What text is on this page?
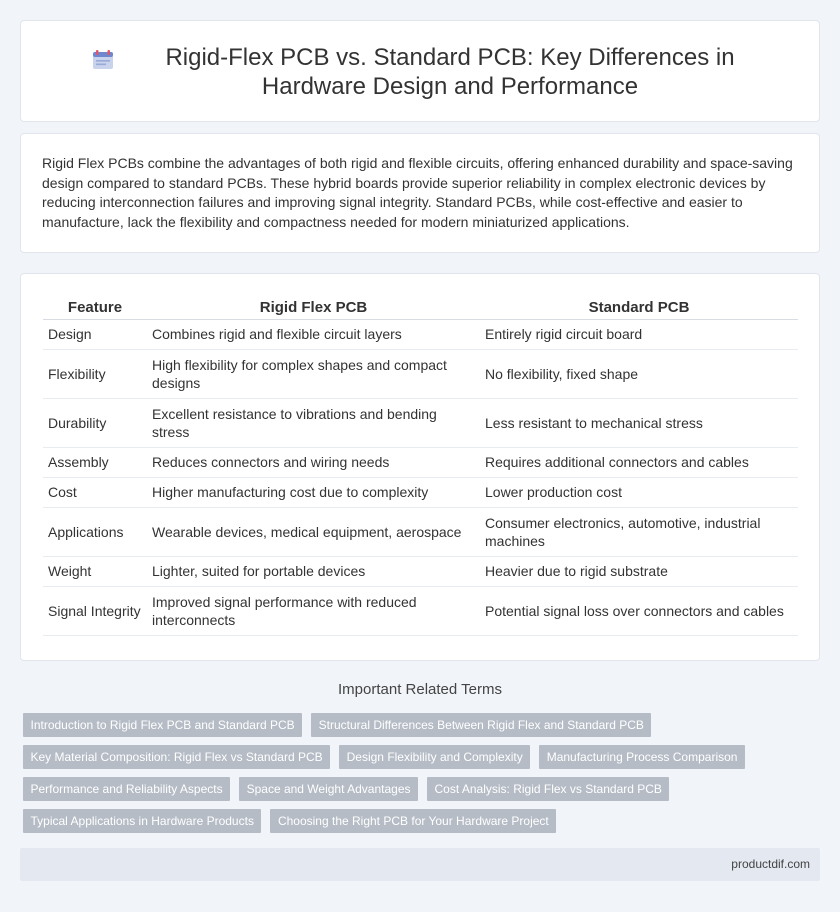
Rigid-Flex PCB vs. Standard PCB: Key Differences in Hardware Design and Performance

Rigid Flex PCBs combine the advantages of both rigid and flexible circuits, offering enhanced durability and space-saving design compared to standard PCBs. These hybrid boards provide superior reliability in complex electronic devices by reducing interconnection failures and improving signal integrity. Standard PCBs, while cost-effective and easier to manufacture, lack the flexibility and compactness needed for modern miniaturized applications.

Feature	Rigid Flex PCB	Standard PCB
Design	Combines rigid and flexible circuit layers	Entirely rigid circuit board
Flexibility	High flexibility for complex shapes and compact designs	No flexibility, fixed shape
Durability	Excellent resistance to vibrations and bending stress	Less resistant to mechanical stress
Assembly	Reduces connectors and wiring needs	Requires additional connectors and cables
Cost	Higher manufacturing cost due to complexity	Lower production cost
Applications	Wearable devices, medical equipment, aerospace	Consumer electronics, automotive, industrial machines
Weight	Lighter, suited for portable devices	Heavier due to rigid substrate
Signal Integrity	Improved signal performance with reduced interconnects	Potential signal loss over connectors and cables
Important Related Terms
Introduction to Rigid Flex PCB and Standard PCB	Structural Differences Between Rigid Flex and Standard PCB
Key Material Composition: Rigid Flex vs Standard PCB	Design Flexibility and Complexity	Manufacturing Process Comparison
Performance and Reliability Aspects	Space and Weight Advantages	Cost Analysis: Rigid Flex vs Standard PCB
Typical Applications in Hardware Products	Choosing the Right PCB for Your Hardware Project
productdif.com
